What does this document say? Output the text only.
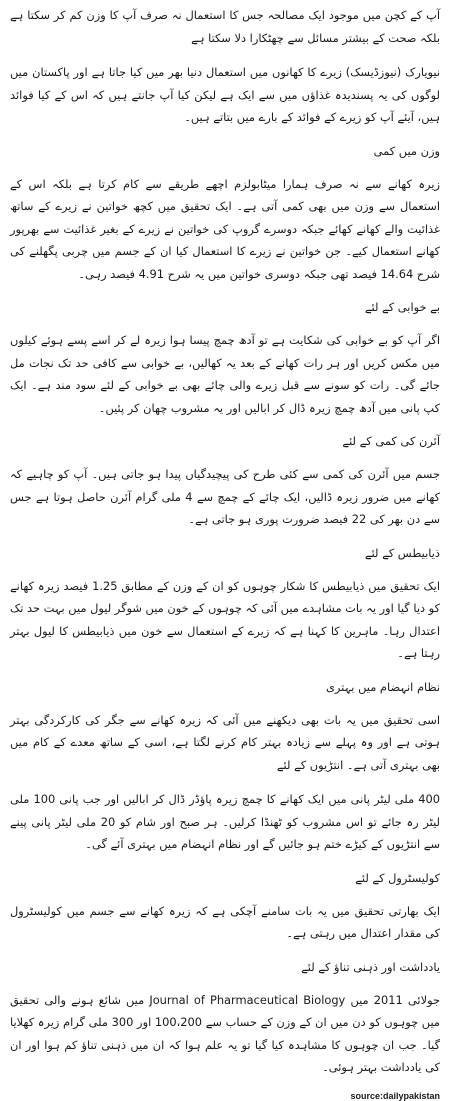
آپ کے کچن میں موجود ایک مصالحہ جس کا استعمال نہ صرف آپ کا وزن کم کر سکتا ہے بلکہ صحت کے بیشتر مسائل سے چھٹکارا دلا سکتا ہے

نیویارک (نیوزڈیسک) زیرے کا کھانوں میں استعمال دنیا بھر میں کیا جاتا ہے اور پاکستان میں لوگوں کی یہ پسندیدہ غذاؤں میں سے ایک ہے لیکن کیا آپ جانتے ہیں کہ اس کے کیا فوائد ہیں، آیئے آپ کو زیرے کے فوائد کے بارے میں بتاتے ہیں۔

وزن میں کمی

زیرہ کھانے سے نہ صرف ہمارا میٹابولزم اچھے طریقے سے کام کرتا ہے بلکہ اس کے استعمال سے وزن میں بھی کمی آتی ہے۔ ایک تحقیق میں کچھ خواتین نے زیرے کے ساتھ غذائیت والے کھانے کھائے جبکہ دوسرے گروپ کی خواتین نے زیرے کے بغیر غذائیت سے بھرپور کھانے استعمال کیے۔ جن خواتین نے زیرے کا استعمال کیا ان کے جسم میں چربی پگھلنے کی شرح 14.64 فیصد تھی جبکہ دوسری خواتین میں یہ شرح 4.91 فیصد رہی۔

بے خوابی کے لئے

اگر آپ کو بے خوابی کی شکایت ہے تو آدھ چمچ پیسا ہوا زیرہ لے کر اسے پسے ہوئے کیلوں میں مکس کریں اور ہر رات کھانے کے بعد یہ کھالیں، بے خوابی سے کافی حد تک نجات مل جائے گی۔ رات کو سونے سے قبل زیرے والی چائے بھی بے خوابی کے لئے سود مند ہے۔ ایک کپ پانی میں آدھ چمچ زیرہ ڈال کر ابالیں اور یہ مشروب چھان کر پئیں۔

آئرن کی کمی کے لئے

جسم میں آئرن کی کمی سے کئی طرح کی پیچیدگیاں پیدا ہو جاتی ہیں۔ آپ کو چاہیے کہ کھانے میں ضرور زیرہ ڈالیں، ایک چائے کے چمچ سے 4 ملی گرام آئرن حاصل ہوتا ہے جس سے دن بھر کی 22 فیصد ضرورت پوری ہو جاتی ہے۔

ذیابیطس کے لئے

ایک تحقیق میں ذیابیطس کا شکار چوہوں کو ان کے وزن کے مطابق 1.25 فیصد زیرہ کھانے کو دیا گیا اور یہ بات مشاہدے میں آئی کہ چوہوں کے خون میں شوگر لیول میں بہت حد تک اعتدال رہا۔ ماہرین کا کہنا ہے کہ زیرے کے استعمال سے خون میں ذیابیطس کا لیول بہتر رہتا ہے۔

نظام انہضام میں بہتری

اسی تحقیق میں یہ بات بھی دیکھنے میں آئی کہ زیرہ کھانے سے جگر کی کارکردگی بہتر ہوتی ہے اور وہ پہلے سے زیادہ بہتر کام کرنے لگتا ہے، اسی کے ساتھ معدے کے کام میں بھی بہتری آتی ہے۔ انتڑیوں کے لئے

400 ملی لیٹر پانی میں ایک کھانے کا چمچ زیرہ پاؤڈر ڈال کر ابالیں اور جب پانی 100 ملی لیٹر رہ جائے تو اس مشروب کو ٹھنڈا کرلیں۔ ہر صبح اور شام کو 20 ملی لیٹر پانی پینے سے انتڑیوں کے کیڑے ختم ہو جائیں گے اور نظام انہضام میں بہتری آئے گی۔

کولیسٹرول کے لئے

ایک بھارتی تحقیق میں یہ بات سامنے آچکی ہے کہ زیرہ کھانے سے جسم میں کولیسٹرول کی مقدار اعتدال میں رہتی ہے۔

یادداشت اور ذہنی تناؤ کے لئے

جولائی 2011 میں Journal of Pharmaceutical Biology میں شائع ہونے والی تحقیق میں چوہوں کو دن میں ان کے وزن کے حساب سے 100،200 اور 300 ملی گرام زیرہ کھلایا گیا۔ جب ان چوہوں کا مشاہدہ کیا گیا تو یہ علم ہوا کہ ان میں ذہنی تناؤ کم ہوا اور ان کی یادداشت بہتر ہوئی۔

source:dailypakistan
